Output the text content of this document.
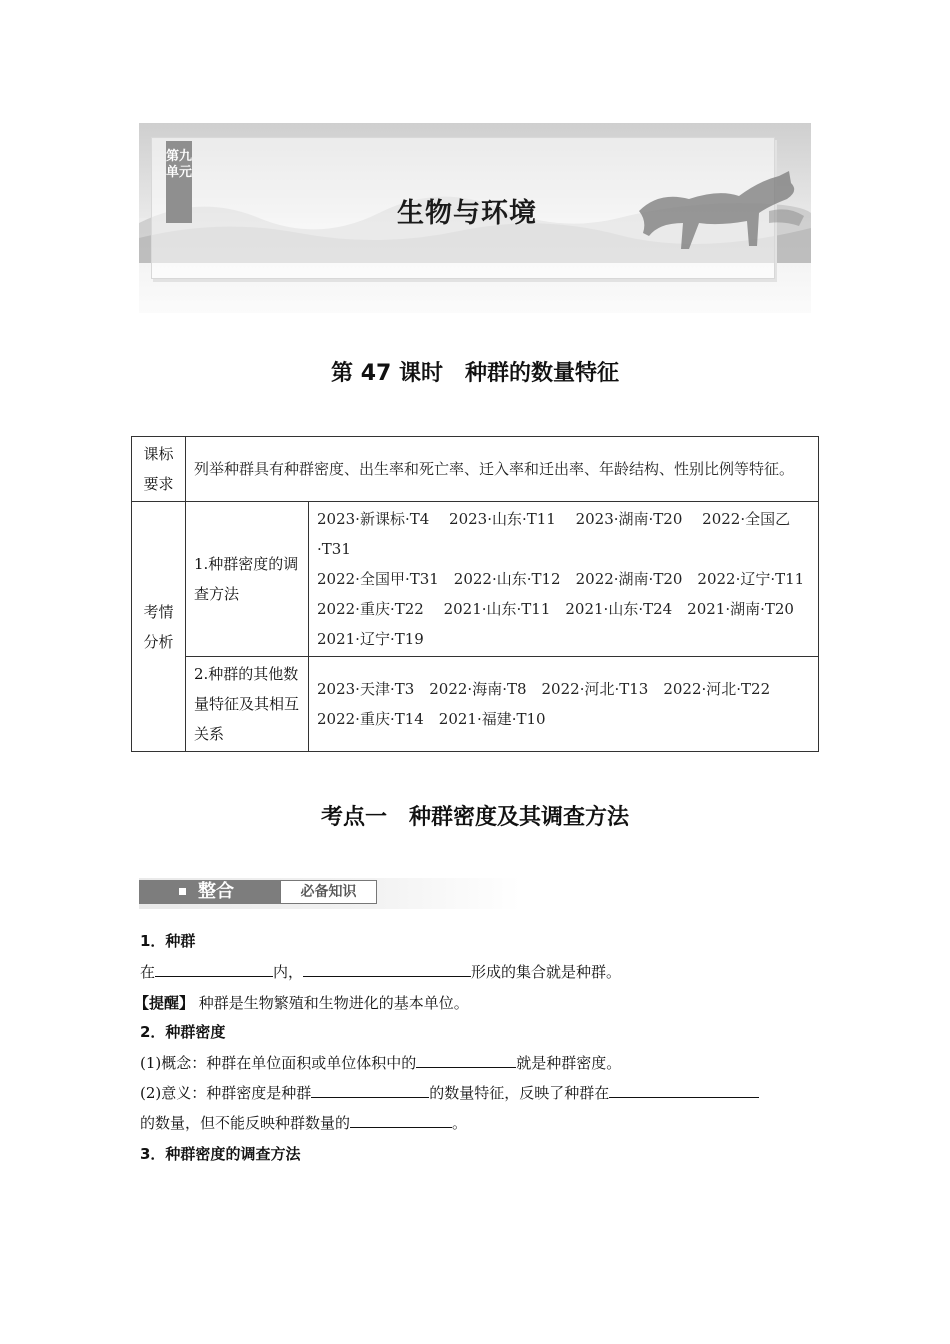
第九单元
生物与环境
第 47 课时　种群的数量特征
课标要求	列举种群具有种群密度、出生率和死亡率、迁入率和迁出率、年龄结构、性别比例等特征。	
考情分析	1.种群密度的调查方法	2023·新课标·T4　 2023·山东·T11　 2023·湖南·T20　 2022·全国乙
·T31
2022·全国甲·T31　2022·山东·T12　2022·湖南·T20　2022·辽宁·T11
2022·重庆·T22　 2021·山东·T11　2021·山东·T24　2021·湖南·T20
2021·辽宁·T19

	2.种群的其他数量特征及其相互关系	2023·天津·T3　2022·海南·T8　2022·河北·T13　2022·河北·T22
2022·重庆·T14　2021·福建·T10
考点一　种群密度及其调查方法
整合	必备知识
1．种群
在	内，	形成的集合就是种群。
【提醒】 种群是生物繁殖和生物进化的基本单位。
2．种群密度
(1)概念：种群在单位面积或单位体积中的	就是种群密度。
(2)意义：种群密度是种群	的数量特征，反映了种群在
的数量，但不能反映种群数量的	。
3．种群密度的调查方法
